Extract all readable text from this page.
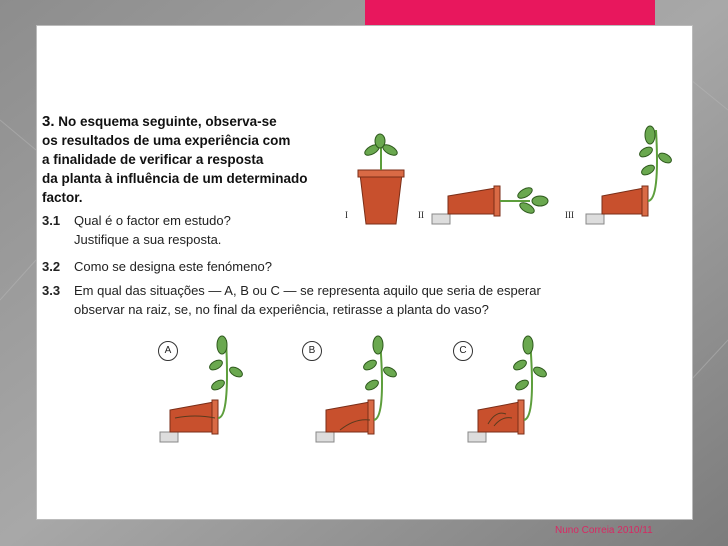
3. No esquema seguinte, observa-se
os resultados de uma experiência com
a finalidade de verificar a resposta
da planta à influência de um determinado
factor.
3.1 Qual é o factor em estudo?
Justifique a sua resposta.
3.2 Como se designa este fenómeno?
3.3 Em qual das situações — A, B ou C — se representa aquilo que seria de esperar
observar na raiz, se, no final da experiência, retirasse a planta do vaso?
I	II	III
A	B	C
Nuno Correia 2010/11
